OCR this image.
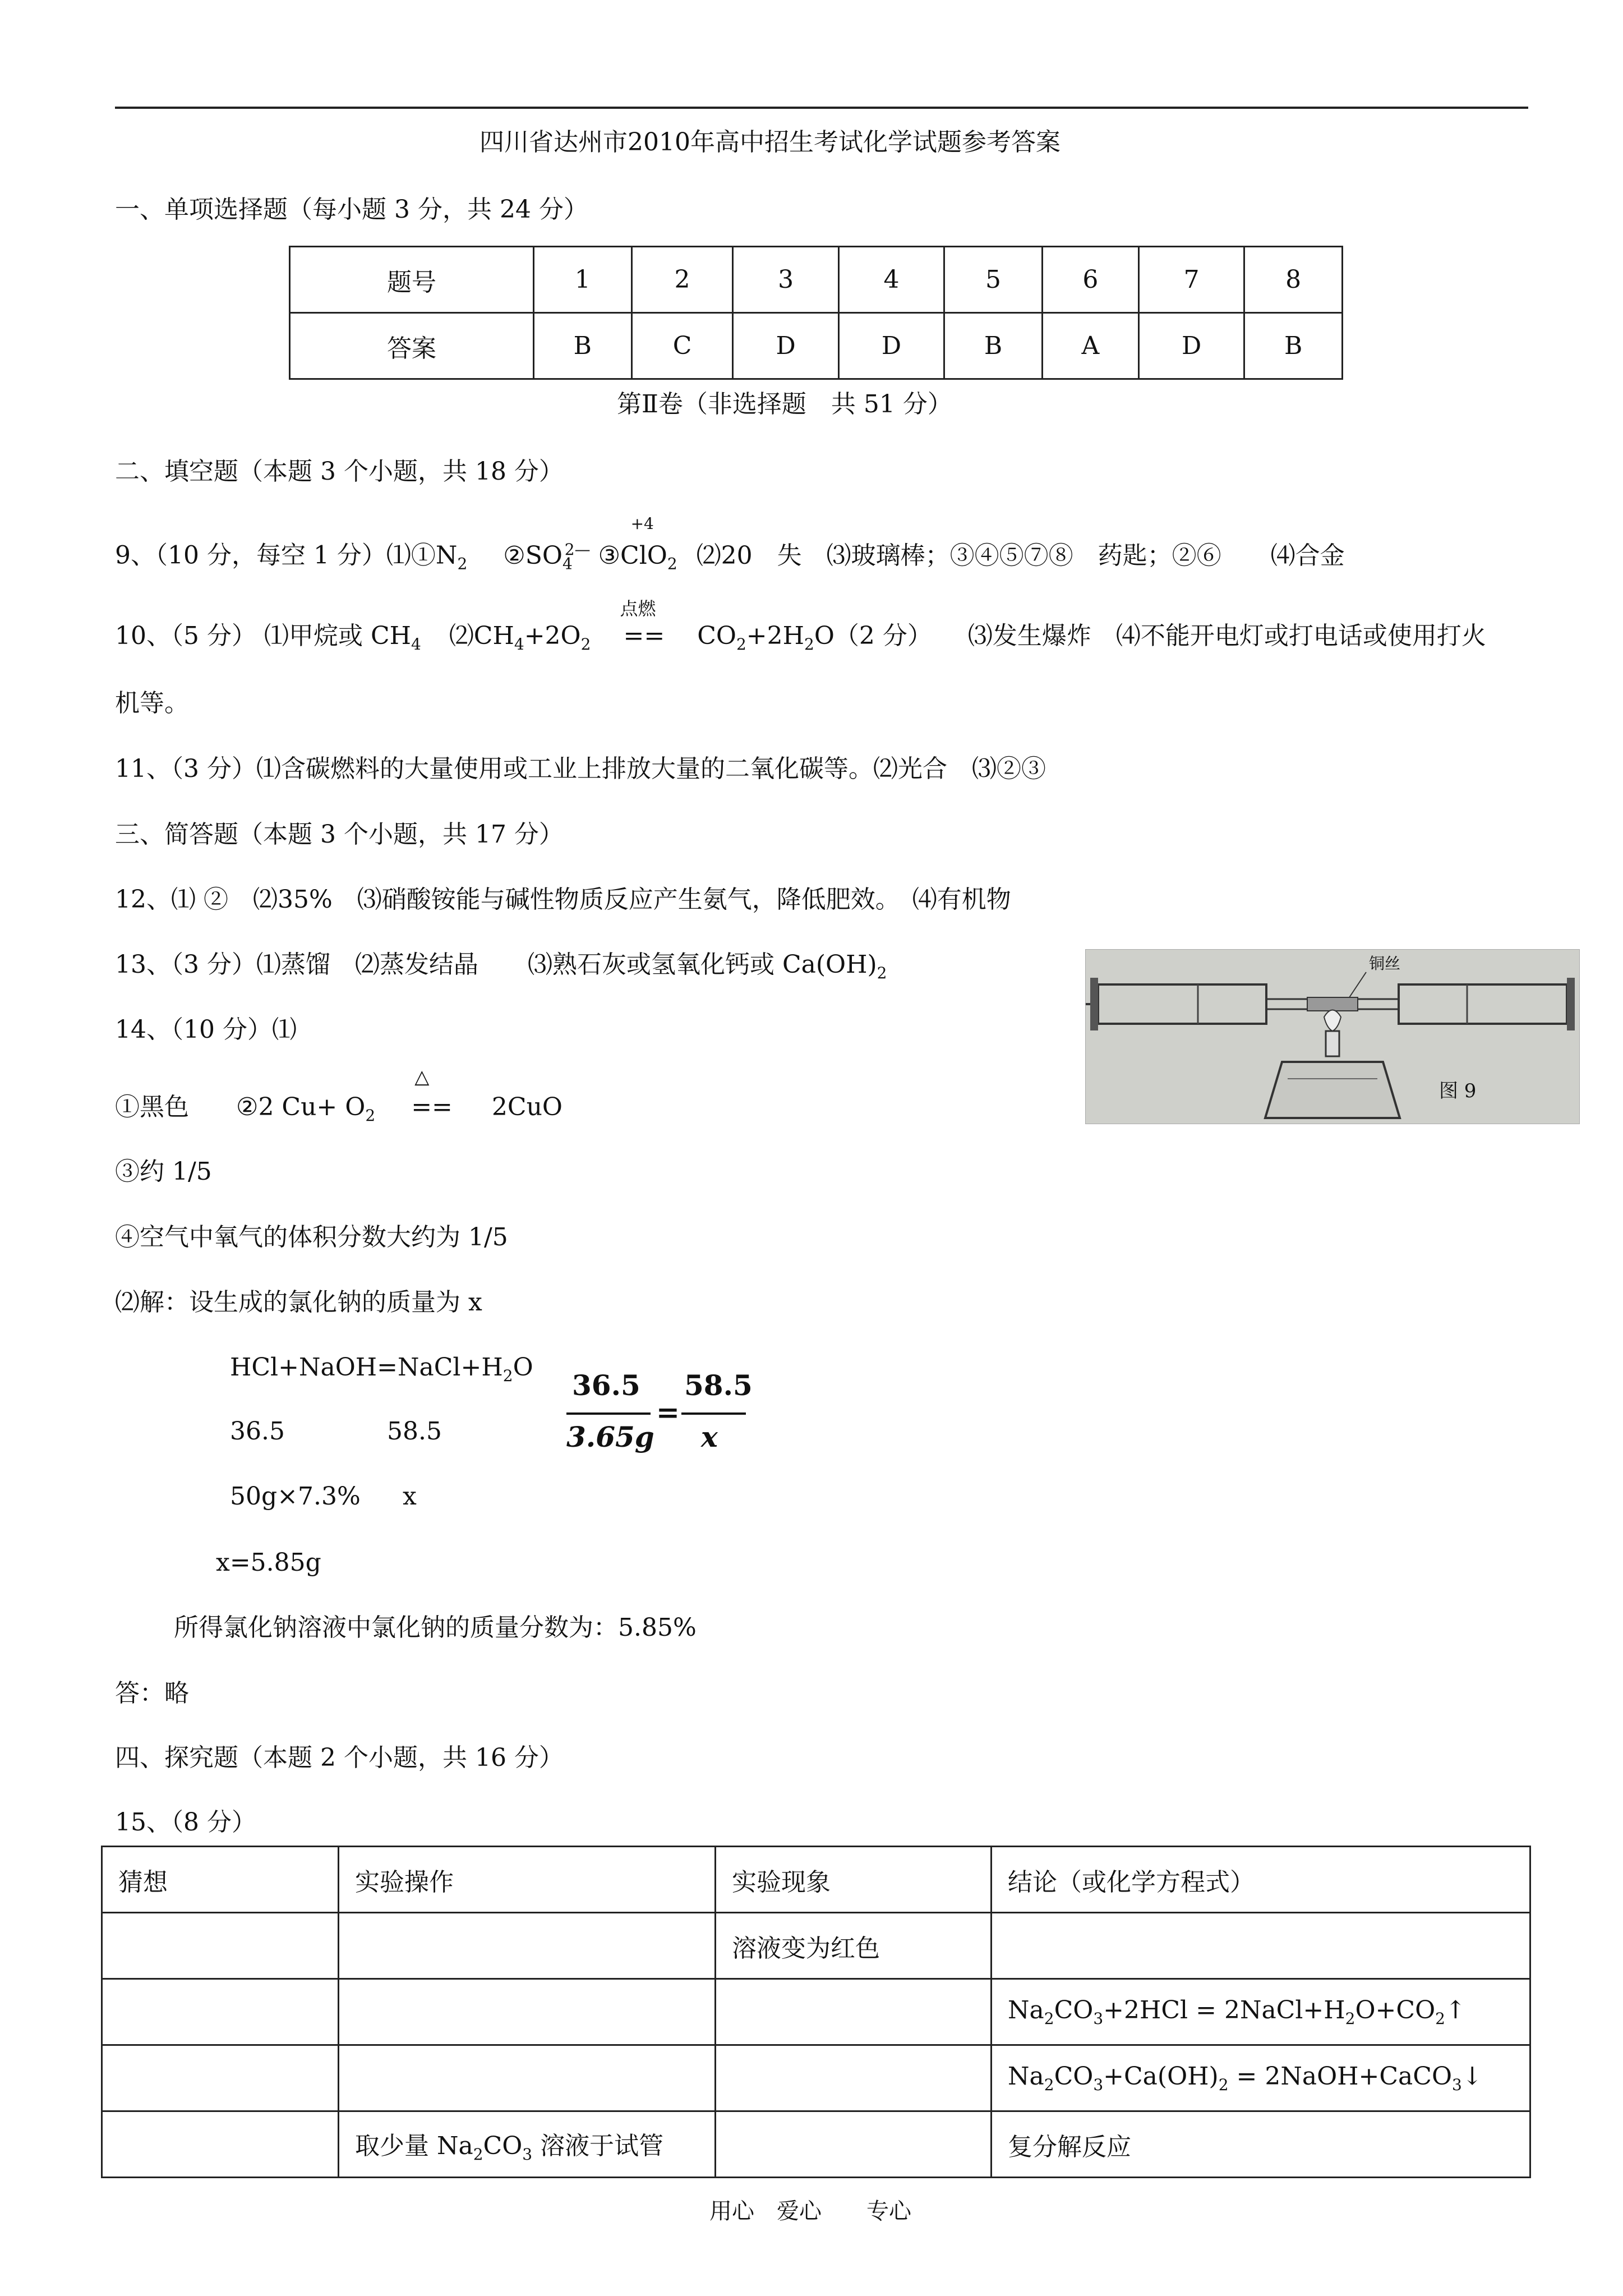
四川省达州市2010年高中招生考试化学试题参考答案
一、单项选择题（每小题 3 分，共 24 分）
题号	1	2	3	4	5	6	7	8
答案	B	C	D	D	B	A	D	B
第Ⅱ卷（非选择题　共 51 分）
二、填空题（本题 3 个小题，共 18 分）
9、（10 分，每空 1 分）$⑴①N_2$ $②SO_4^{2—}$
+4
③ClO$_2$ ⑵20　失　⑶玻璃棒；③④⑤⑦⑧　药匙；②⑥　　⑷合金
10、（5 分） ⑴甲烷或 $CH_4$ $⑵CH_4+2O_2$
点燃
== $CO_2+2H_2O(2$ 分） ⑶发生爆炸　⑷不能开电灯或打电话或使用打火
机等。
11、（3 分）⑴含碳燃料的大量使用或工业上排放大量的二氧化碳等。⑵光合　⑶②③
三、简答题（本题 3 个小题，共 17 分）
12、⑴ ②　⑵35%　⑶硝酸铵能与碱性物质反应产生氨气，降低肥效。　⑷有机物
13、（3 分）⑴蒸馏　⑵蒸发结晶　　⑶熟石灰或氢氧化钙或 $Ca(OH)_2$
铜丝
图 9
14、（10 分）⑴
①黑色 ②2 $Cu+ O_2$
△
== 2CuO
③约 1/5
④空气中氧气的体积分数大约为 1/5
⑵解：设生成的氯化钠的质量为 x
$HCl+NaOH=NaCl+H_2O$
36.5	58.5
50g×7.3% x
36.5
3.65g
=
58.5
x
x=5.85g
所得氯化钠溶液中氯化钠的质量分数为：5.85%
答：略
四、探究题（本题 2 个小题，共 16 分）
15、（8 分）
猜想	实验操作	实验现象	结论（或化学方程式）
		溶液变为红色	
			$Na_2CO_3+2HCl$ = $2NaCl+H_2O+CO_2↑$
			$Na_2CO_3+Ca(OH)_2$ = 2NaOH+CaCO$_3$↓
	取少量 $Na_2CO_3$ 溶液于试管		复分解反应
用心　爱心　　专心
